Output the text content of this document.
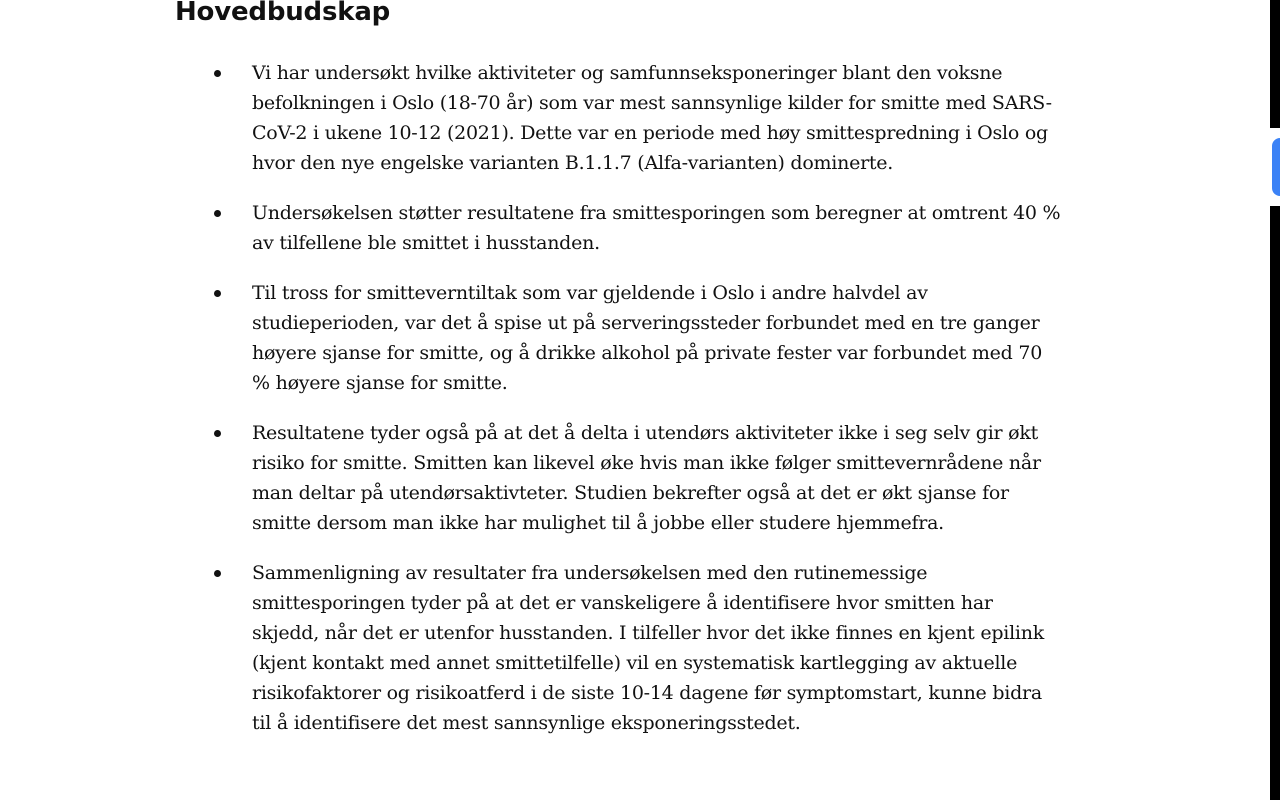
Hovedbudskap
Vi har undersøkt hvilke aktiviteter og samfunnseksponeringer blant den voksne befolkningen i Oslo (18-70 år) som var mest sannsynlige kilder for smitte med SARS-CoV-2 i ukene 10-12 (2021). Dette var en periode med høy smittespredning i Oslo og hvor den nye engelske varianten B.1.1.7 (Alfa-varianten) dominerte.
Undersøkelsen støtter resultatene fra smittesporingen som beregner at omtrent 40 % av tilfellene ble smittet i husstanden.
Til tross for smitteverntiltak som var gjeldende i Oslo i andre halvdel av studieperioden, var det å spise ut på serveringssteder forbundet med en tre ganger høyere sjanse for smitte, og å drikke alkohol på private fester var forbundet med 70 % høyere sjanse for smitte.
Resultatene tyder også på at det å delta i utendørs aktiviteter ikke i seg selv gir økt risiko for smitte. Smitten kan likevel øke hvis man ikke følger smittevernrådene når man deltar på utendørsaktivteter. Studien bekrefter også at det er økt sjanse for smitte dersom man ikke har mulighet til å jobbe eller studere hjemmefra.
Sammenligning av resultater fra undersøkelsen med den rutinemessige smittesporingen tyder på at det er vanskeligere å identifisere hvor smitten har skjedd, når det er utenfor husstanden. I tilfeller hvor det ikke finnes en kjent epilink (kjent kontakt med annet smittetilfelle) vil en systematisk kartlegging av aktuelle risikofaktorer og risikoatferd i de siste 10-14 dagene før symptomstart, kunne bidra til å identifisere det mest sannsynlige eksponeringsstedet.
